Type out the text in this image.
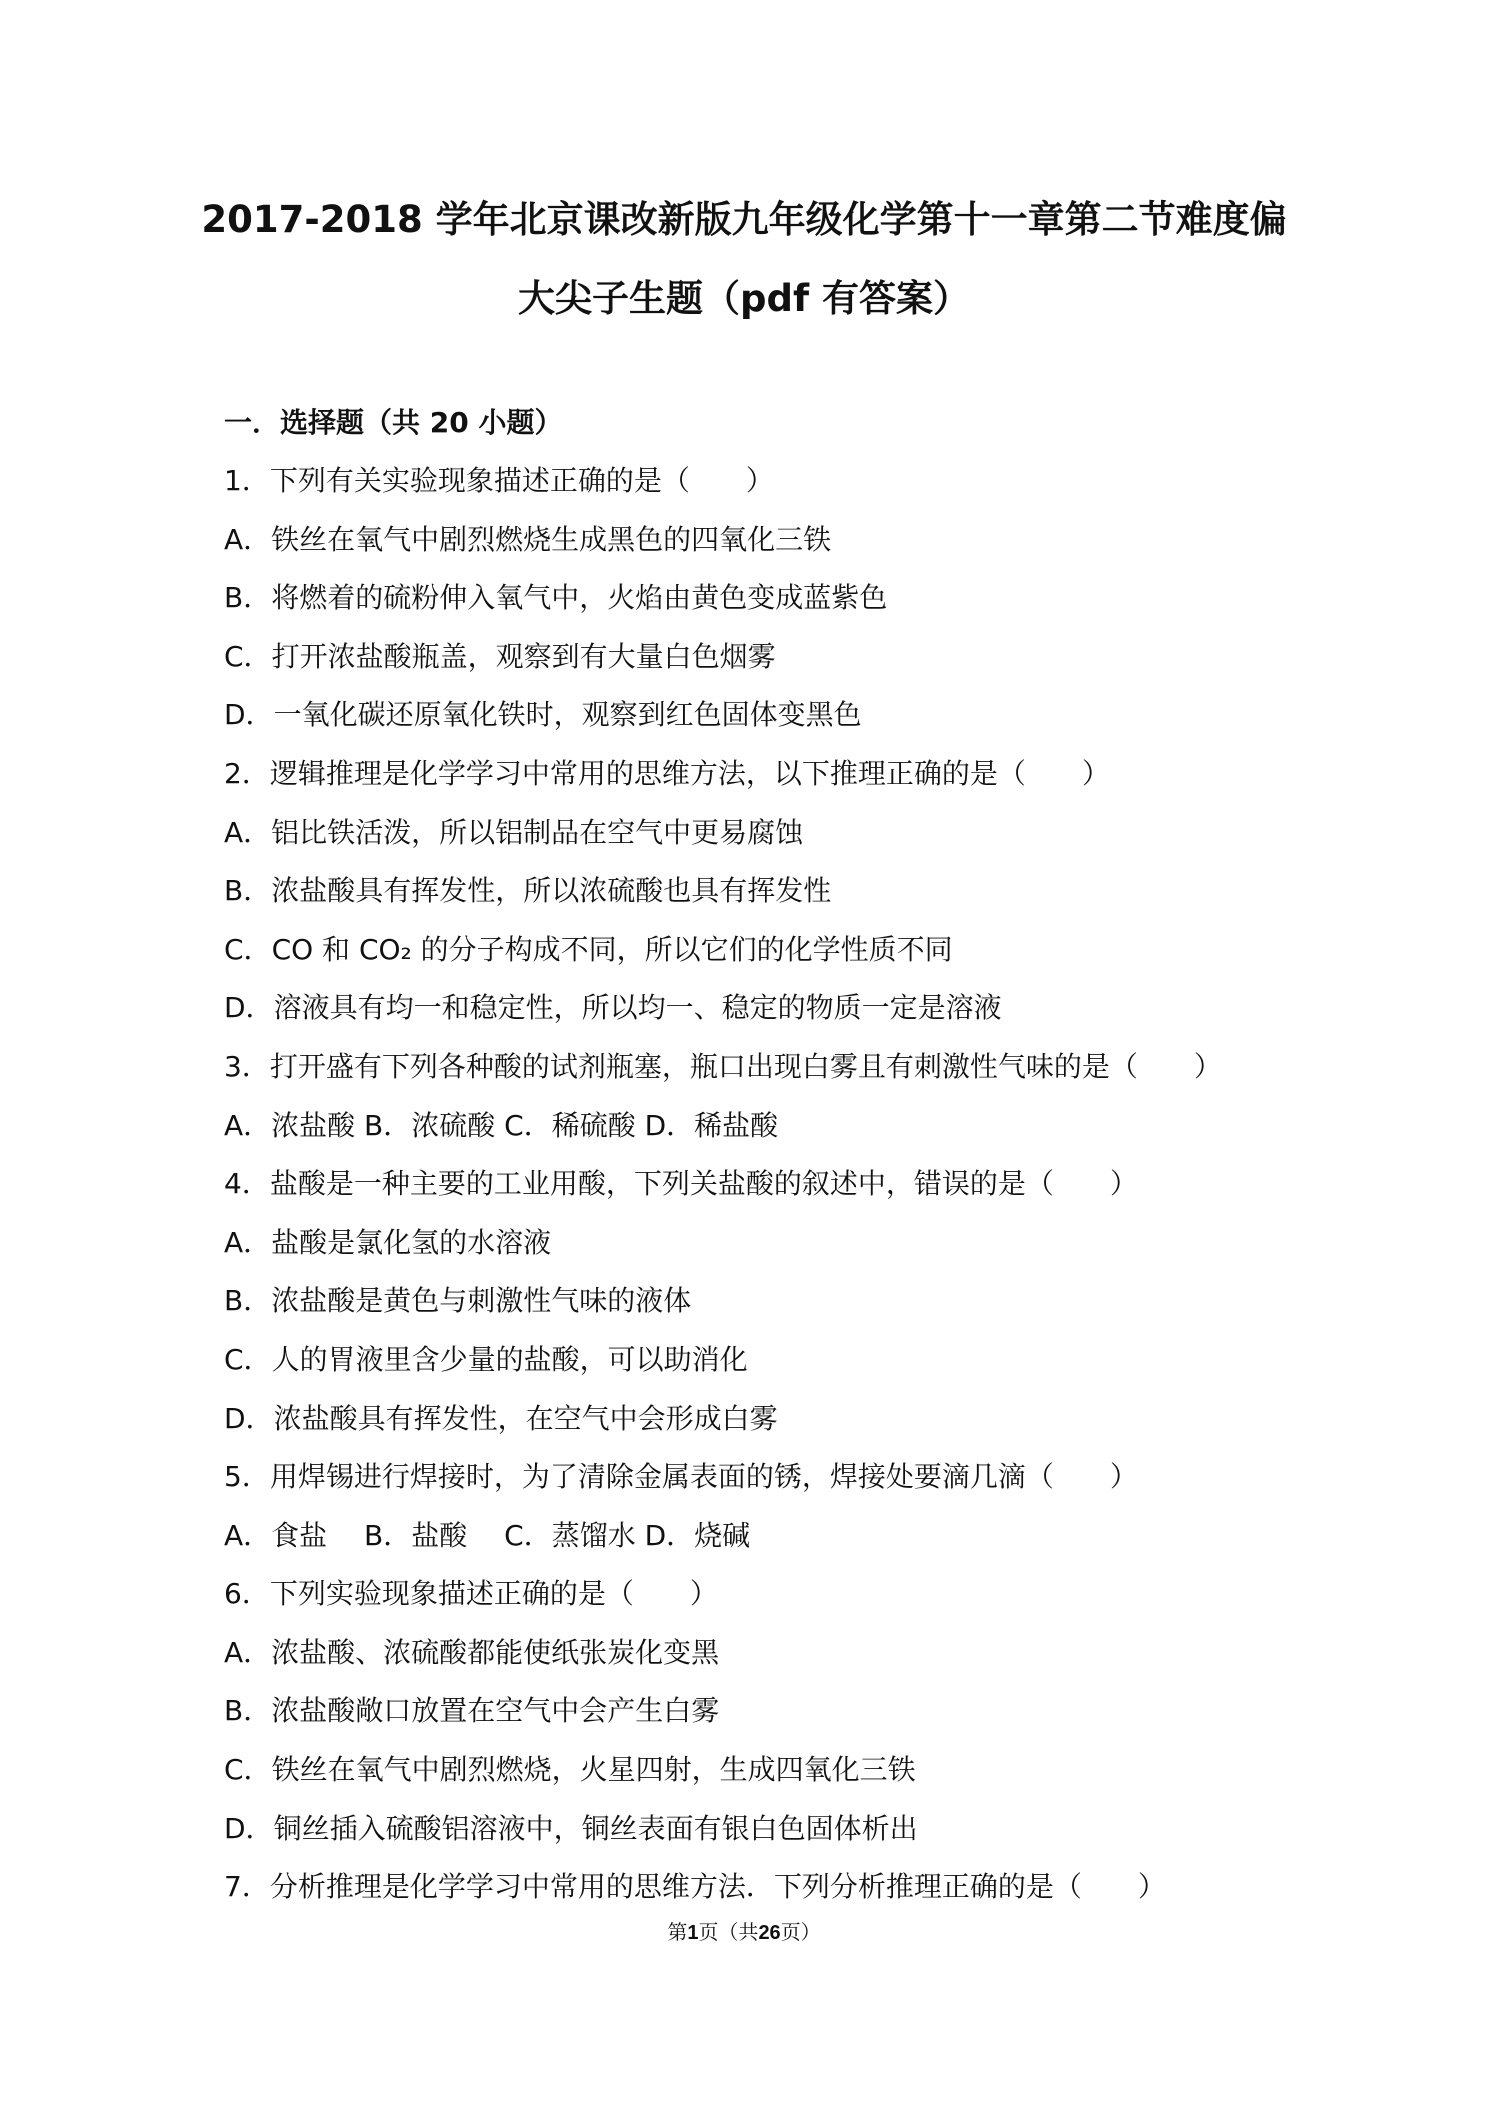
2017-2018 学年北京课改新版九年级化学第十一章第二节难度偏
大尖子生题（pdf 有答案）
一．选择题（共 20 小题）
1．下列有关实验现象描述正确的是（　　）
A．铁丝在氧气中剧烈燃烧生成黑色的四氧化三铁
B．将燃着的硫粉伸入氧气中，火焰由黄色变成蓝紫色
C．打开浓盐酸瓶盖，观察到有大量白色烟雾
D．一氧化碳还原氧化铁时，观察到红色固体变黑色
2．逻辑推理是化学学习中常用的思维方法，以下推理正确的是（　　）
A．铝比铁活泼，所以铝制品在空气中更易腐蚀
B．浓盐酸具有挥发性，所以浓硫酸也具有挥发性
C．CO 和 CO₂ 的分子构成不同，所以它们的化学性质不同
D．溶液具有均一和稳定性，所以均一、稳定的物质一定是溶液
3．打开盛有下列各种酸的试剂瓶塞，瓶口出现白雾且有刺激性气味的是（　　）
A．浓盐酸 B．浓硫酸 C．稀硫酸 D．稀盐酸
4．盐酸是一种主要的工业用酸，下列关盐酸的叙述中，错误的是（　　）
A．盐酸是氯化氢的水溶液
B．浓盐酸是黄色与刺激性气味的液体
C．人的胃液里含少量的盐酸，可以助消化
D．浓盐酸具有挥发性，在空气中会形成白雾
5．用焊锡进行焊接时，为了清除金属表面的锈，焊接处要滴几滴（　　）
A．食盐　 B．盐酸　 C．蒸馏水 D．烧碱
6．下列实验现象描述正确的是（　　）
A．浓盐酸、浓硫酸都能使纸张炭化变黑
B．浓盐酸敞口放置在空气中会产生白雾
C．铁丝在氧气中剧烈燃烧，火星四射，生成四氧化三铁
D．铜丝插入硫酸铝溶液中，铜丝表面有银白色固体析出
7．分析推理是化学学习中常用的思维方法．下列分析推理正确的是（　　）
第1页（共26页）
